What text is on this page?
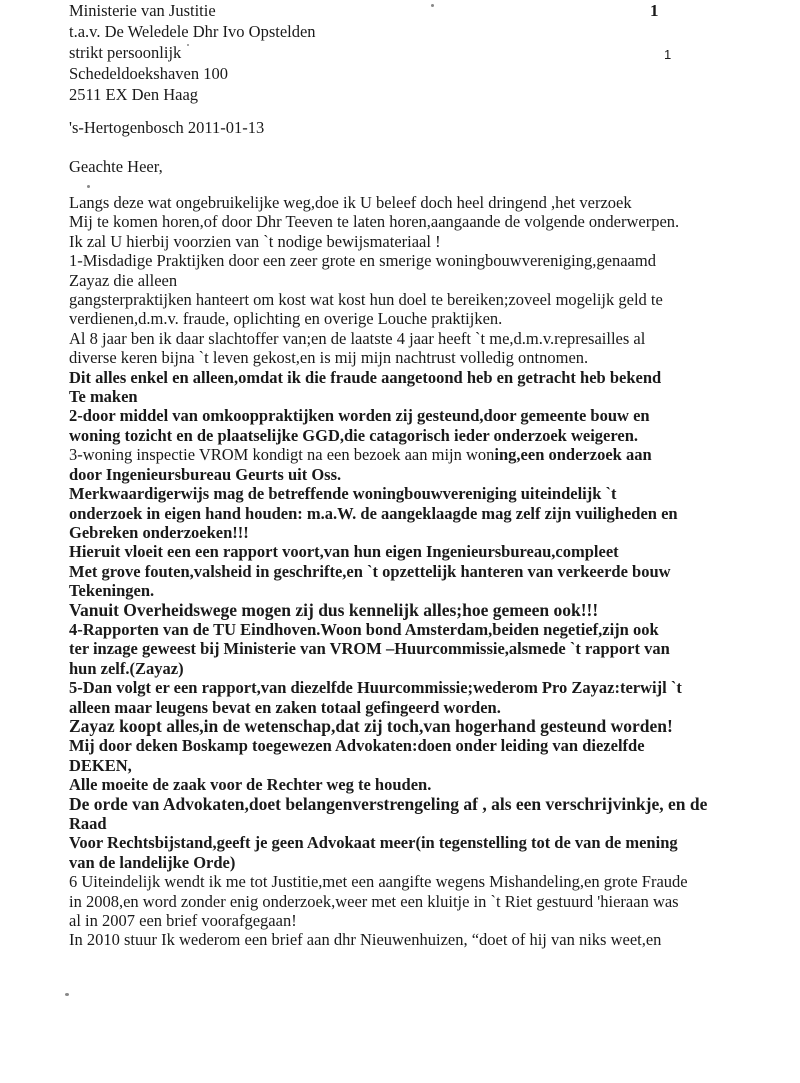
Ministerie van Justitie
t.a.v. De Weledele Dhr Ivo Opstelden
strikt persoonlijk
Schedeldoekshaven 100
2511 EX Den Haag
1
1
's-Hertogenbosch 2011-01-13
Geachte Heer,
Langs deze wat ongebruikelijke weg,doe ik U beleef doch heel dringend ,het verzoek
Mij te komen horen,of door Dhr Teeven te laten horen,aangaande de volgende onderwerpen.
Ik zal U hierbij voorzien van `t nodige bewijsmateriaal !
1-Misdadige Praktijken door een zeer grote en smerige woningbouwvereniging,genaamd
Zayaz die alleen
gangsterpraktijken hanteert om kost wat kost hun doel te bereiken;zoveel mogelijk geld te
verdienen,d.m.v. fraude, oplichting en overige Louche praktijken.
Al 8 jaar ben ik daar slachtoffer van;en de laatste 4 jaar heeft `t me,d.m.v.represailles al
diverse keren bijna `t leven gekost,en is mij mijn nachtrust volledig ontnomen.
Dit alles enkel en alleen,omdat ik die fraude aangetoond heb en getracht heb bekend
Te maken
2-door middel van omkooppraktijken worden zij gesteund,door gemeente bouw en
woning tozicht en de plaatselijke GGD,die catagorisch ieder onderzoek weigeren.
3-woning inspectie VROM kondigt na een bezoek aan mijn woning,een onderzoek aan
door Ingenieursbureau Geurts uit Oss.
Merkwaardigerwijs mag de betreffende woningbouwvereniging uiteindelijk `t
onderzoek in eigen hand houden: m.a.W. de aangeklaagde mag zelf zijn vuiligheden en
Gebreken onderzoeken!!!
Hieruit vloeit een een rapport voort,van hun eigen Ingenieursbureau,compleet
Met grove fouten,valsheid in geschrifte,en `t opzettelijk hanteren van verkeerde bouw
Tekeningen.
Vanuit Overheidswege mogen zij dus kennelijk alles;hoe gemeen ook!!!
4-Rapporten van de TU Eindhoven.Woon bond Amsterdam,beiden negetief,zijn ook
ter inzage geweest bij Ministerie van VROM –Huurcommissie,alsmede `t rapport van
hun zelf.(Zayaz)
5-Dan volgt er een rapport,van diezelfde Huurcommissie;wederom Pro Zayaz:terwijl `t
alleen maar leugens bevat en zaken totaal gefingeerd worden.
Zayaz koopt alles,in de wetenschap,dat zij toch,van hogerhand gesteund worden!
Mij door deken Boskamp toegewezen Advokaten:doen onder leiding van diezelfde
DEKEN,
Alle moeite de zaak voor de Rechter weg te houden.
De orde van Advokaten,doet belangenverstrengeling af , als een verschrijvinkje, en de
Raad
Voor Rechtsbijstand,geeft je geen Advokaat meer(in tegenstelling tot de van de mening
van de landelijke Orde)
6 Uiteindelijk wendt ik me tot Justitie,met een aangifte wegens Mishandeling,en grote Fraude
in 2008,en word zonder enig onderzoek,weer met een kluitje in `t Riet gestuurd 'hieraan was
al in 2007 een brief voorafgegaan!
In 2010 stuur Ik wederom een brief aan dhr Nieuwenhuizen, “doet of hij van niks weet,en
